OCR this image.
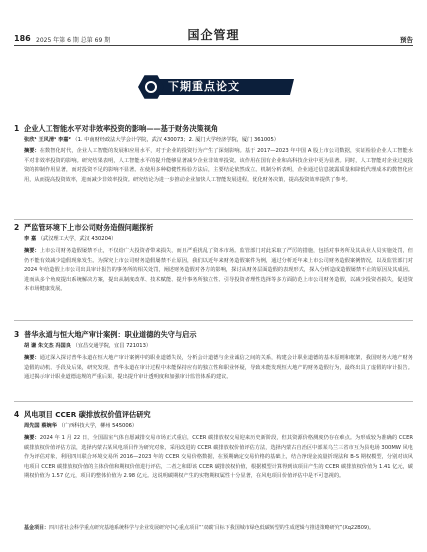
186 2025 年第 6 期 总第 69 期	国企管理	预告
下期重点论文
1 企业人工智能水平对非效率投资的影响——基于财务决策视角
张欣¹ 王风清¹ 李嘉² （1. 中南财经政法大学会计学院，武汉 430073；2. 厦门大学经济学院，厦门 361005）
摘要：在数智化时代，企业人工智能的发展和应用水平，对于企业的投资行为产生了深刻影响。基于 2017—2023 年中国 A 股上市公司数据，实证检验企业人工智能水平对非效率投资的影响。研究结果表明，人工智能水平的提升能够显著减少企业非效率投资。该作用在国有企业和高科技企业中更为显著。同时，人工智能对企业过度投资的抑制作用显著，而对投资不足的影响不显著。在使用多种稳健性检验方法后，主要结论依然成立。机制分析表明，企业通过信息披露质量和降低代理成本的数智化应用，从而提高投资效率，进而减少非效率投资。研究结论为进一步推动企业加快人工智能发展进程，优化财务决策，提高投资效率提供了参考。
2 严监管环境下上市公司财务造假问题探析
李 嘉 （武汉理工大学，武汉 430204）
摘要：上市公司财务造假屡禁不止，不仅给广大投资者带来损失，而且严重扰乱了资本市场。监管部门对此采取了严厉的措施，包括对事务所及其从业人员实施处罚，但仍不能有效减少造假现象发生。为探究上市公司财务造假屡禁不止原因，我们以近年来财务造假案件为例，通过分析近年来上市公司财务造假案例情况，以及监管部门对 2024 年给造假上市公司出具审计报告的事务所的相关处罚，阐述财务造假对各方的影响，探讨从财务层面造假的表现形式，探入分析造成造假屡禁不止的原因及其成因。进而从多个角度提出系统解决方案，提出从制度改革、技术赋能、提升事务所独立性、引导投资者理性选择等多方面防范上市公司财务造假，以减少投资者损失，促进资本市场健康发展。
3 普华永道与恒大地产审计案例：职业道德的失守与启示
胡 谦 朱文杰 冯国良 （宜昌交通学院，宜昌 721013）
摘要：通过深入探讨普华永道在恒大地产审计案例中的职业道德失误，分析会计道德与企业诚信之间的关系，构建会计职业道德的基本原则和框架，我国财务大地产财务造假的动机、手段及后果，研究发现，普华永道在审计过程中未能保持应有的独立性和职业怀疑，导致未能发现恒大地产的财务造假行为，最终出具了虚假的审计报告。通过揭示审计职业道德违规的严重后果，提出提升审计透明度和加强审计监管体系的建议。
4 风电项目 CCER 碳排放权价值评估研究
周先国 蔡婉华 （广西科技大学，柳州 545006）
摘要：2024 年 1 月 22 日，全国温室气体自愿减排交易市场正式重启，CCER 碳排放权交易迎来历史新阶段，但其资源价格测度仍存在难点。为形成较为准确的 CCER 碳排放权价值评估方法，选择内蒙古某风电项目作为研究对象，采用改进的 CCER 碳排放权价值评估方法，选择内蒙古自治区中部某乌兰三省市互为县电场 300MW 风电作为评估对象，利用四川联合环境交易所 2016—2023 年的 CCER 交易价格数据，在预期确定交易价格的基础上，结合净现金流量折现法和 B-S 期权模型，分别对该风电项目 CCER 碳排放权价值的主体价值和期权价值进行评估，二者之和即该 CCER 碳排放权价值，根据模型计算得到该项目产生的 CCER 碳排放权价值为 1.41 亿元，碳期权价值为 1.57 亿元，项目的整体价值为 2.98 亿元。这说明碳期权产生的实物期权属性十分显著，在风电项目价值评估中是不可忽视的。
基金项目：四川省社会科学重点研究基地系统科学与企业发展研究中心重点项目“‘双碳’目标下我国城市绿色低碳转型的生成逻辑与推进策略研究”(Xq22B09)。
